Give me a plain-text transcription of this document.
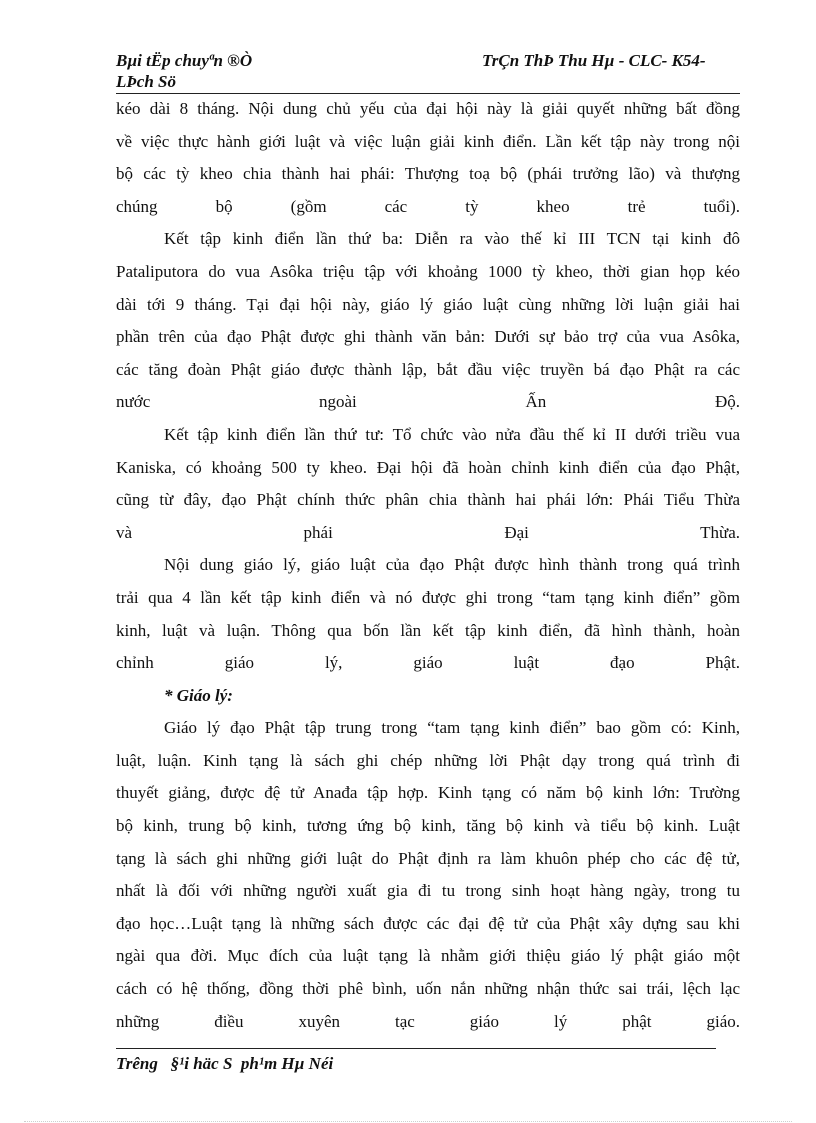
Bµi tËp chuyªn ®Ò
LÞch Sö
TrÇn ThÞ Thu Hµ - CLC- K54-

kéo dài 8 tháng. Nội dung chủ yếu của đại hội này là giải quyết những bất đồng
về việc thực hành giới luật và việc luận giải kinh điển. Lần kết tập này trong nội
bộ các tỳ kheo chia thành hai phái: Thượng toạ bộ (phái trưởng lão) và thượng
chúng bộ (gồm các tỳ kheo trẻ tuổi).

Kết tập kinh điển lần thứ ba: Diễn ra vào thế kỉ III TCN tại kinh đô
Pataliputora do vua Asôka triệu tập với khoảng 1000 tỳ kheo, thời gian họp kéo
dài tới 9 tháng. Tại đại hội này, giáo lý giáo luật cùng những lời luận giải hai
phần trên của đạo Phật được ghi thành văn bản: Dưới sự bảo trợ của vua Asôka,
các tăng đoàn Phật giáo được thành lập, bắt đầu việc truyền bá đạo Phật ra các
nước ngoài Ấn Độ.

Kết tập kinh điển lần thứ tư: Tổ chức vào nửa đầu thế kỉ II dưới triều vua
Kaniska, có khoảng 500 ty kheo. Đại hội đã hoàn chỉnh kinh điển của đạo Phật,
cũng từ đây, đạo Phật chính thức phân chia thành hai phái lớn: Phái Tiểu Thừa
và phái Đại Thừa.

Nội dung giáo lý, giáo luật của đạo Phật được hình thành trong quá trình
trải qua 4 lần kết tập kinh điển và nó được ghi trong “tam tạng kinh điển” gồm
kinh, luật và luận. Thông qua bốn lần kết tập kinh điển, đã hình thành, hoàn
chỉnh giáo lý, giáo luật đạo Phật.

* Giáo lý:

Giáo lý đạo Phật tập trung trong “tam tạng kinh điển” bao gồm có: Kinh,
luật, luận. Kinh tạng là sách ghi chép những lời Phật dạy trong quá trình đi
thuyết giảng, được đệ tử Anađa tập hợp. Kinh tạng có năm bộ kinh lớn: Trường
bộ kinh, trung bộ kinh, tương ứng bộ kinh, tăng bộ kinh và tiểu bộ kinh. Luật
tạng là sách ghi những giới luật do Phật định ra làm khuôn phép cho các đệ tử,
nhất là đối với những người xuất gia đi tu trong sinh hoạt hàng ngày, trong tu
đạo học…Luật tạng là những sách được các đại đệ tử của Phật xây dựng sau khi
ngài qua đời. Mục đích của luật tạng là nhằm giới thiệu giáo lý phật giáo một
cách có hệ thống, đồng thời phê bình, uốn nắn những nhận thức sai trái, lệch lạc
những điều xuyên tạc giáo lý phật giáo.

Trêng   §¹i häc S  ph¹m Hµ Néi
